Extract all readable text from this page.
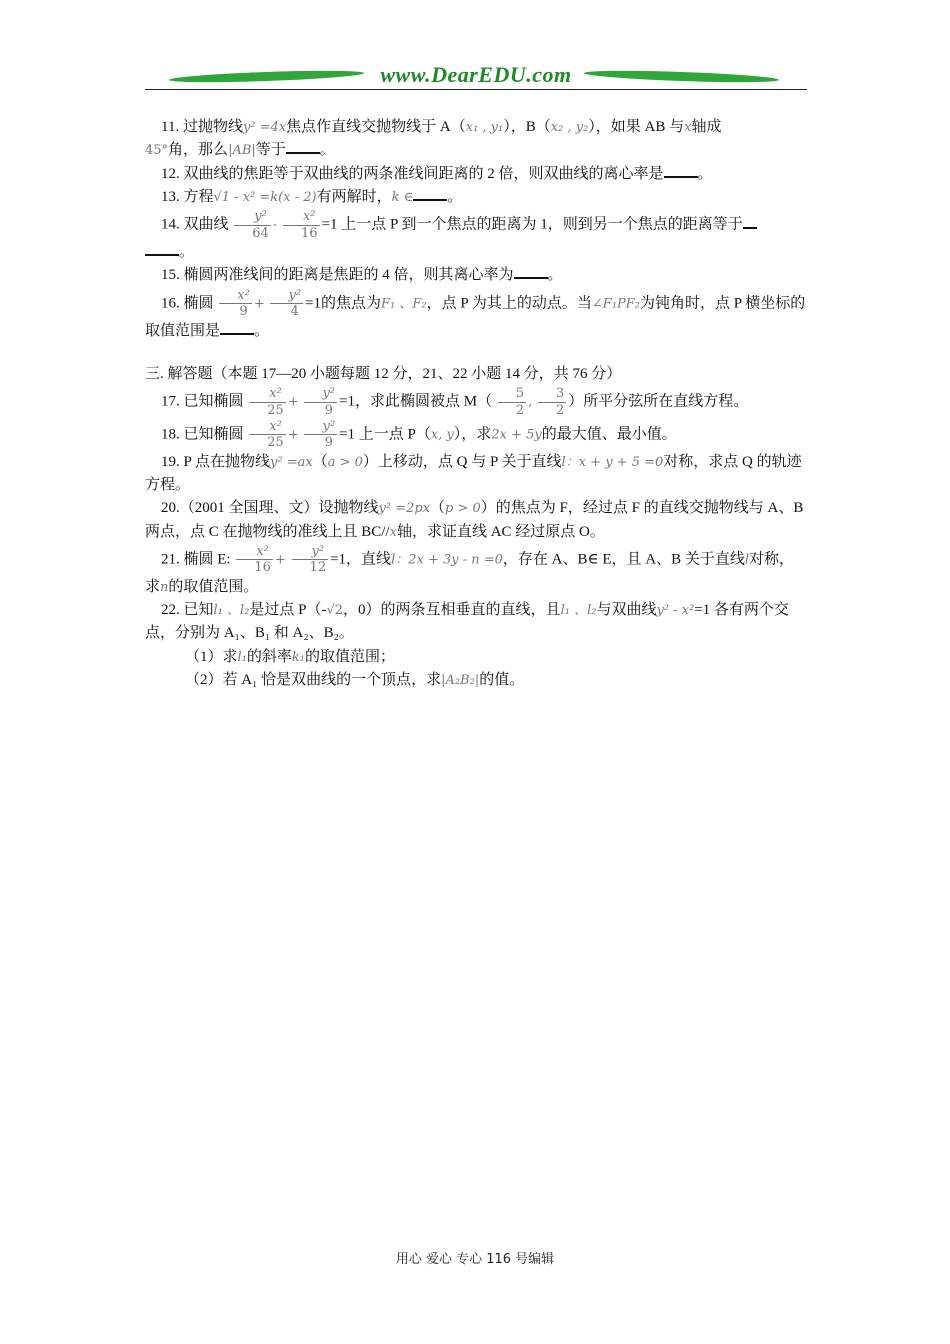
www.DearEDU.com

11. 过抛物线y² =4x焦点作直线交抛物线于 A（x₁ , y₁），B（x₂ , y₂），如果 AB 与x轴成
45°角，那么|AB|等于 。

12. 双曲线的焦距等于双曲线的两条准线间距离的 2 倍，则双曲线的离心率是 。

13. 方程√1 - x² =k(x - 2)有两解时，k ∈ 。

14. 双曲线 $\frac{\text{y²}}{64} - \frac{\text{x²}}{16} =1$ 上一点 P 到一个焦点的距离为 1，则到另一个焦点的距离等于
。

15. 椭圆两准线间的距离是焦距的 4 倍，则其离心率为 。

16. 椭圆 $\frac{\text{x²}}{9} + \frac{\text{y²}}{4} =1$的焦点为F₁ 、F₂，点 P 为其上的动点。当∠F₁PF₂为钝角时，点 P 横坐标的取值范围是 。

三. 解答题（本题 17—20 小题每题 12 分，21、22 小题 14 分，共 76 分）

17. 已知椭圆 $\frac{\text{x²}}{25} + \frac{\text{y²}}{9} =1$，求此椭圆被点 $M( \frac{5}{2}$ , $\frac{3}{2}$ ）所平分弦所在直线方程。

18. 已知椭圆 $\frac{\text{x²}}{25} + \frac{\text{y²}}{9} =1$ 上一点 P（x, y），求2x + 5y的最大值、最小值。

19. P 点在抛物线y² =ax（a > 0）上移动，点 Q 与 P 关于直线l：x + y + 5 =0对称，求点 Q 的轨迹方程。

20.（2001 全国理、文）设抛物线y² =2px（p > 0）的焦点为 F，经过点 F 的直线交抛物线与 A、B 两点，点 C 在抛物线的准线上且 BC//x轴，求证直线 AC 经过原点 O。

21. 椭圆 E: $\frac{\text{x²}}{16} + \frac{\text{y²}}{12} =1$，直线l：2x + 3y - n =0，存在 A、B∈ E，且 A、B 关于直线l对称，求n的取值范围。

22. 已知l₁ 、l₂是过点 P（-√2，0）的两条互相垂直的直线，且l₁ 、l₂与双曲线y² - x²=1 各有两个交点，分别为 A₁、B₁ 和 A₂、B₂。

（1）求l₁的斜率k₁的取值范围；

（2）若 A₁ 恰是双曲线的一个顶点，求|A₂B₂|的值。

用心 爱心 专心 116 号编辑
